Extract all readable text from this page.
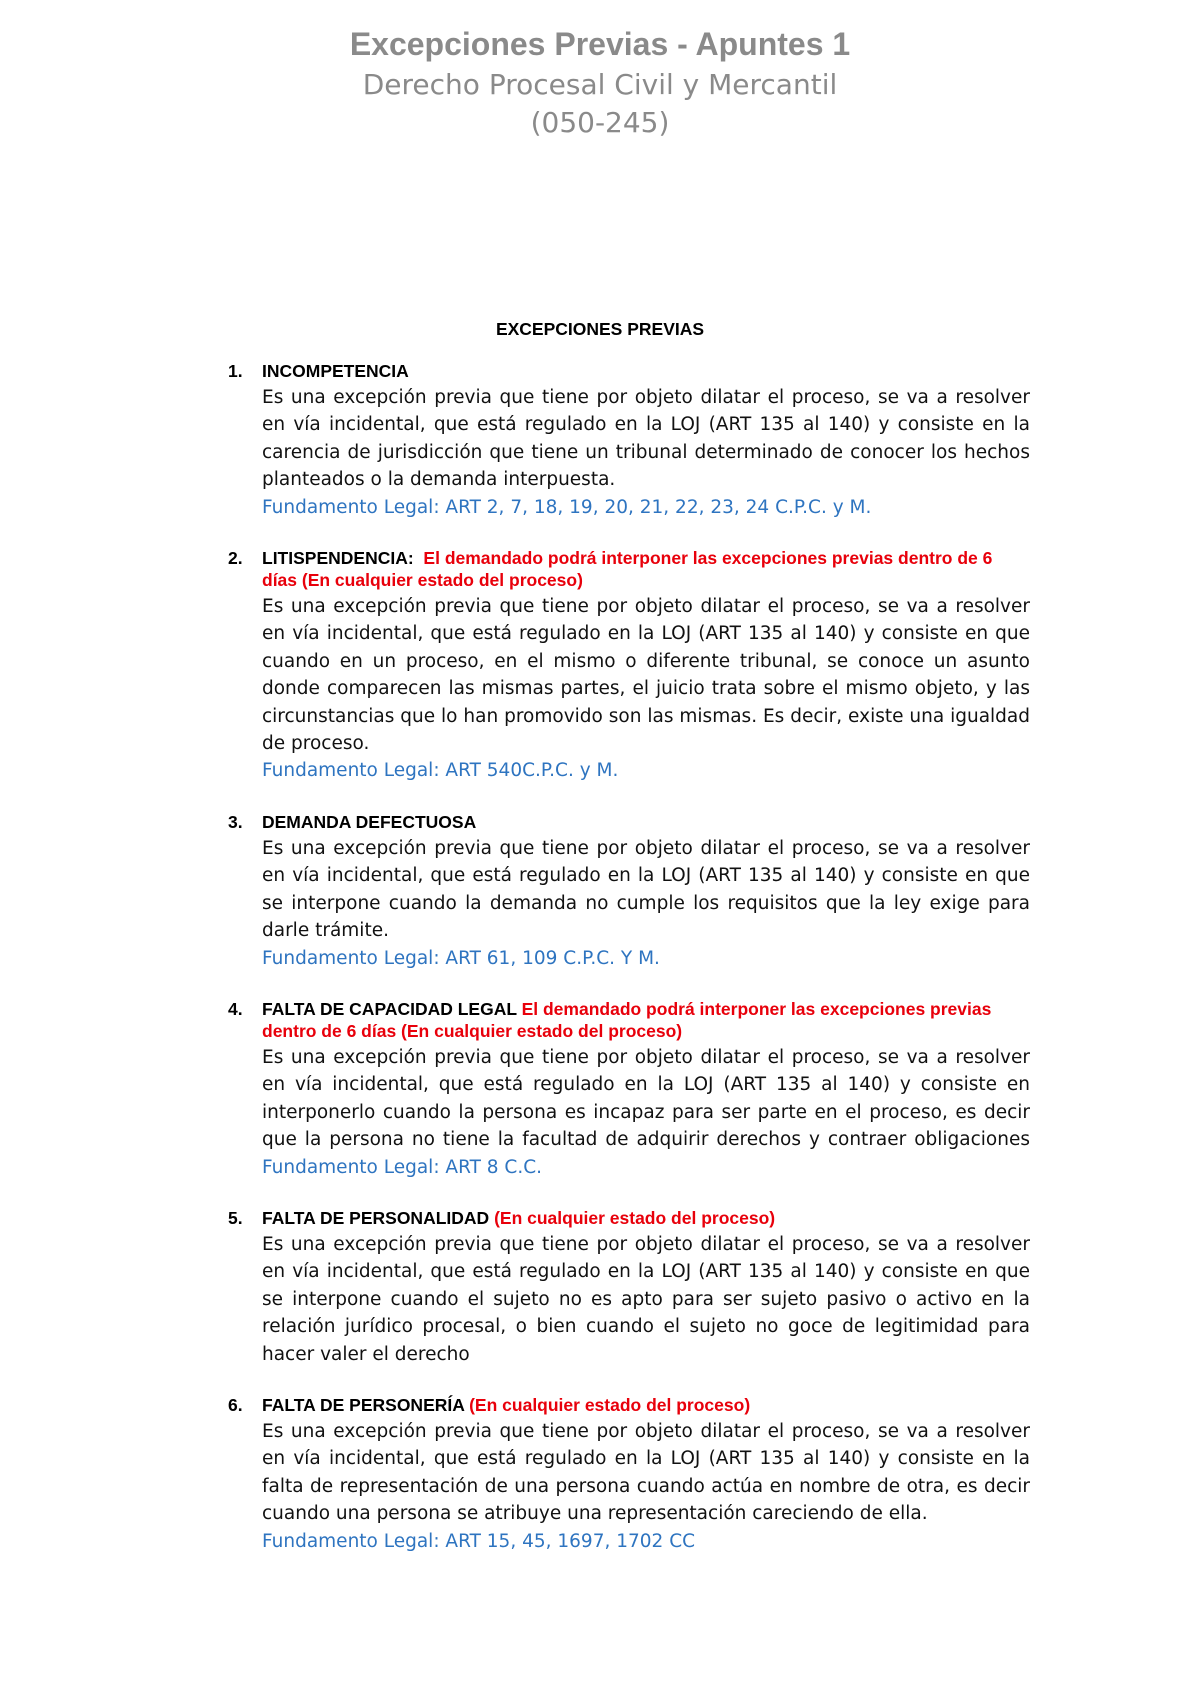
Excepciones Previas - Apuntes 1
Derecho Procesal Civil y Mercantil
(050-245)

EXCEPCIONES PREVIAS

1. INCOMPETENCIA
Es una excepción previa que tiene por objeto dilatar el proceso, se va a resolver en vía incidental, que está regulado en la LOJ (ART 135 al 140) y consiste en la carencia de jurisdicción que tiene un tribunal determinado de conocer los hechos planteados o la demanda interpuesta.
Fundamento Legal: ART 2, 7, 18, 19, 20, 21, 22, 23, 24 C.P.C. y M.
2. LITISPENDENCIA: El demandado podrá interponer las excepciones previas dentro de 6 días (En cualquier estado del proceso)
Es una excepción previa que tiene por objeto dilatar el proceso, se va a resolver en vía incidental, que está regulado en la LOJ (ART 135 al 140) y consiste en que cuando en un proceso, en el mismo o diferente tribunal, se conoce un asunto donde comparecen las mismas partes, el juicio trata sobre el mismo objeto, y las circunstancias que lo han promovido son las mismas. Es decir, existe una igualdad de proceso.
Fundamento Legal: ART 540C.P.C. y M.
3. DEMANDA DEFECTUOSA
Es una excepción previa que tiene por objeto dilatar el proceso, se va a resolver en vía incidental, que está regulado en la LOJ (ART 135 al 140) y consiste en que se interpone cuando la demanda no cumple los requisitos que la ley exige para darle trámite.
Fundamento Legal: ART 61, 109 C.P.C. Y M.
4. FALTA DE CAPACIDAD LEGAL El demandado podrá interponer las excepciones previas dentro de 6 días (En cualquier estado del proceso)
Es una excepción previa que tiene por objeto dilatar el proceso, se va a resolver en vía incidental, que está regulado en la LOJ (ART 135 al 140) y consiste en interponerlo cuando la persona es incapaz para ser parte en el proceso, es decir que la persona no tiene la facultad de adquirir derechos y contraer obligaciones Fundamento Legal: ART 8 C.C.
5. FALTA DE PERSONALIDAD (En cualquier estado del proceso)
Es una excepción previa que tiene por objeto dilatar el proceso, se va a resolver en vía incidental, que está regulado en la LOJ (ART 135 al 140) y consiste en que se interpone cuando el sujeto no es apto para ser sujeto pasivo o activo en la relación jurídico procesal, o bien cuando el sujeto no goce de legitimidad para hacer valer el derecho
6. FALTA DE PERSONERÍA (En cualquier estado del proceso)
Es una excepción previa que tiene por objeto dilatar el proceso, se va a resolver en vía incidental, que está regulado en la LOJ (ART 135 al 140) y consiste en la falta de representación de una persona cuando actúa en nombre de otra, es decir cuando una persona se atribuye una representación careciendo de ella.
Fundamento Legal: ART 15, 45, 1697, 1702 CC
